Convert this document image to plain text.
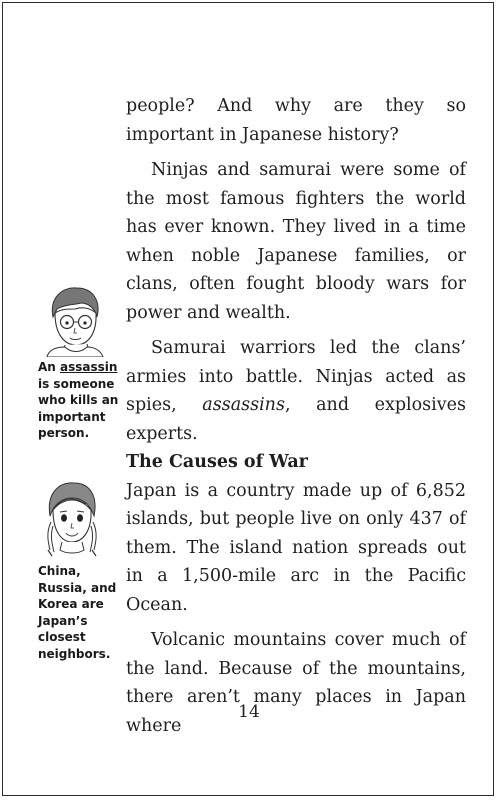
people? And why are they so important in Japanese history?

Ninjas and samurai were some of the most famous fighters the world has ever known. They lived in a time when noble Japanese families, or clans, often fought bloody wars for power and wealth.

Samurai warriors led the clans’ armies into battle. Ninjas acted as spies, assassins, and explosives experts.

The Causes of War

Japan is a country made up of 6,852 islands, but people live on only 437 of them. The island nation spreads out in a 1,500-mile arc in the Pacific Ocean.

Volcanic mountains cover much of the land. Because of the mountains, there aren’t many places in Japan where

An assassin is someone who kills an important person.
China, Russia, and Korea are Japan’s closest neighbors.
14
